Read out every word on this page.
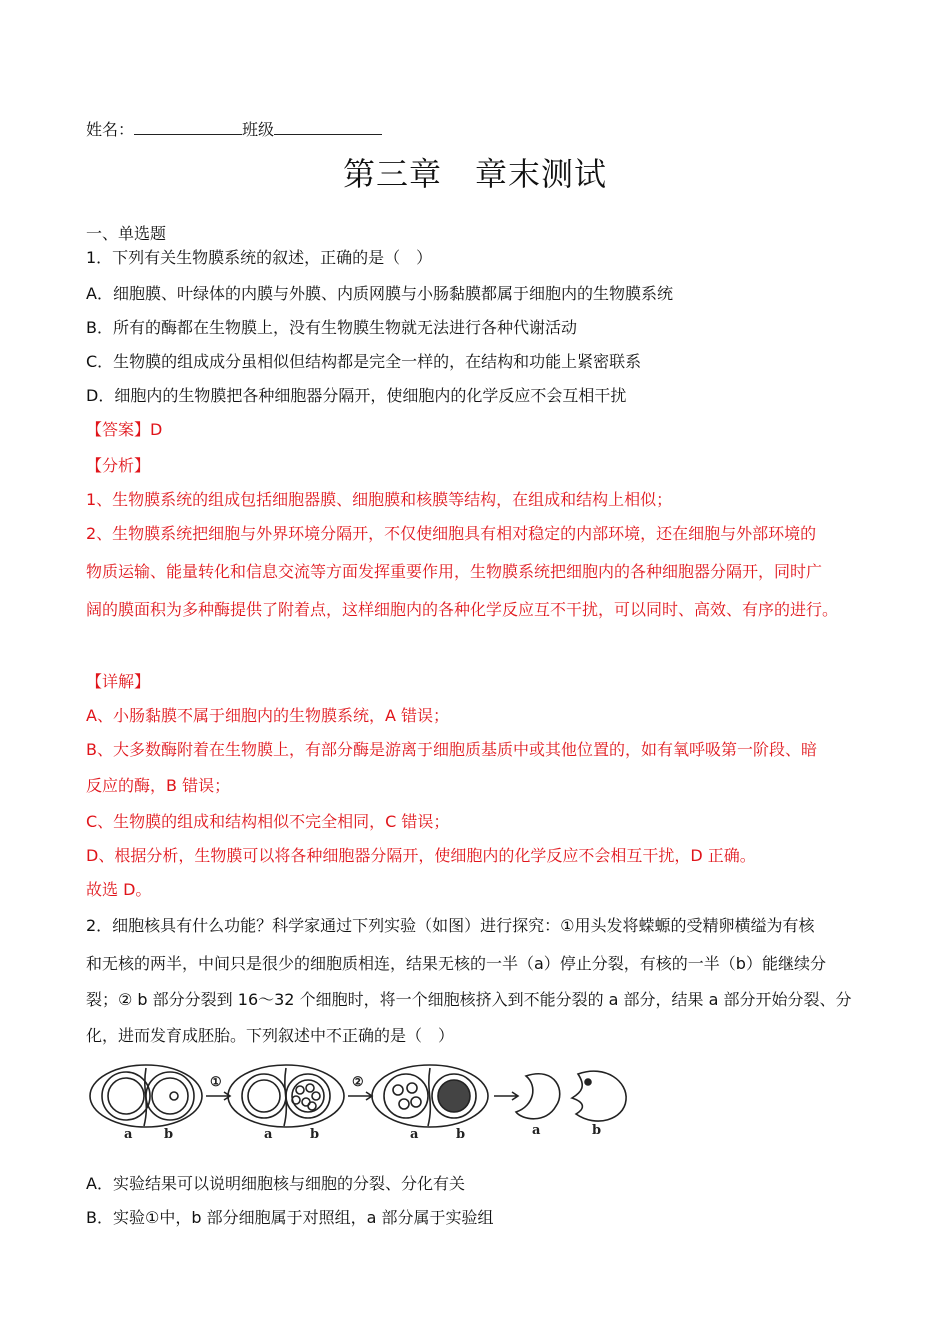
姓名：	班级
第三章　章末测试
一、单选题
1．下列有关生物膜系统的叙述，正确的是（　）
A．细胞膜、叶绿体的内膜与外膜、内质网膜与小肠黏膜都属于细胞内的生物膜系统
B．所有的酶都在生物膜上，没有生物膜生物就无法进行各种代谢活动
C．生物膜的组成成分虽相似但结构都是完全一样的，在结构和功能上紧密联系
D．细胞内的生物膜把各种细胞器分隔开，使细胞内的化学反应不会互相干扰
【答案】D
【分析】
1、生物膜系统的组成包括细胞器膜、细胞膜和核膜等结构，在组成和结构上相似；
2、生物膜系统把细胞与外界环境分隔开，不仅使细胞具有相对稳定的内部环境，还在细胞与外部环境的
物质运输、能量转化和信息交流等方面发挥重要作用，生物膜系统把细胞内的各种细胞器分隔开，同时广
阔的膜面积为多种酶提供了附着点，这样细胞内的各种化学反应互不干扰，可以同时、高效、有序的进行。
【详解】
A、小肠黏膜不属于细胞内的生物膜系统，A 错误；
B、大多数酶附着在生物膜上，有部分酶是游离于细胞质基质中或其他位置的，如有氧呼吸第一阶段、暗
反应的酶，B 错误；
C、生物膜的组成和结构相似不完全相同，C 错误；
D、根据分析，生物膜可以将各种细胞器分隔开，使细胞内的化学反应不会相互干扰，D 正确。
故选 D。
2．细胞核具有什么功能？科学家通过下列实验（如图）进行探究：①用头发将蝾螈的受精卵横缢为有核
和无核的两半，中间只是很少的细胞质相连，结果无核的一半（a）停止分裂，有核的一半（b）能继续分
裂；② b 部分分裂到 16～32 个细胞时，将一个细胞核挤入到不能分裂的 a 部分，结果 a 部分开始分裂、分
化，进而发育成胚胎。下列叙述中不正确的是（　）
a b
①
a	b
②
a	b	a	b
A．实验结果可以说明细胞核与细胞的分裂、分化有关
B．实验①中，b 部分细胞属于对照组，a 部分属于实验组
